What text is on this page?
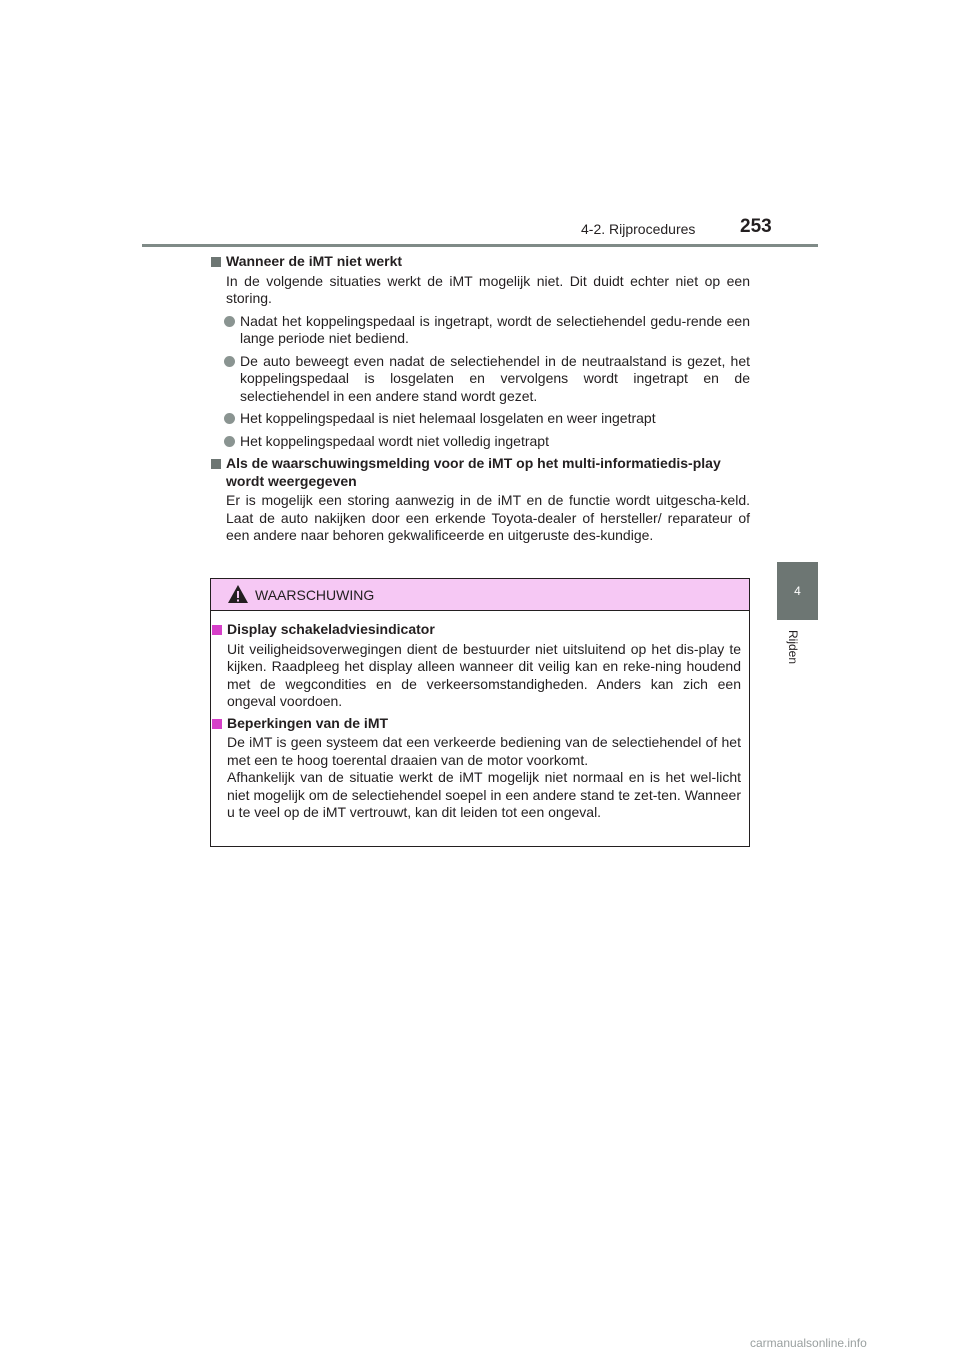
4-2. Rijprocedures 253
4
Rijden
Wanneer de iMT niet werkt
In de volgende situaties werkt de iMT mogelijk niet. Dit duidt echter niet op een storing.
Nadat het koppelingspedaal is ingetrapt, wordt de selectiehendel gedu-rende een lange periode niet bediend.
De auto beweegt even nadat de selectiehendel in de neutraalstand is gezet, het koppelingspedaal is losgelaten en vervolgens wordt ingetrapt en de selectiehendel in een andere stand wordt gezet.
Het koppelingspedaal is niet helemaal losgelaten en weer ingetrapt
Het koppelingspedaal wordt niet volledig ingetrapt
Als de waarschuwingsmelding voor de iMT op het multi-informatiedis-play wordt weergegeven
Er is mogelijk een storing aanwezig in de iMT en de functie wordt uitgescha-keld. Laat de auto nakijken door een erkende Toyota-dealer of hersteller/ reparateur of een andere naar behoren gekwalificeerde en uitgeruste des-kundige.
WAARSCHUWING
Display schakeladviesindicator
Uit veiligheidsoverwegingen dient de bestuurder niet uitsluitend op het dis-play te kijken. Raadpleeg het display alleen wanneer dit veilig kan en reke-ning houdend met de wegcondities en de verkeersomstandigheden. Anders kan zich een ongeval voordoen.
Beperkingen van de iMT
De iMT is geen systeem dat een verkeerde bediening van de selectiehendel of het met een te hoog toerental draaien van de motor voorkomt.
Afhankelijk van de situatie werkt de iMT mogelijk niet normaal en is het wel-licht niet mogelijk om de selectiehendel soepel in een andere stand te zet-ten. Wanneer u te veel op de iMT vertrouwt, kan dit leiden tot een ongeval.
carmanualsonline.info
